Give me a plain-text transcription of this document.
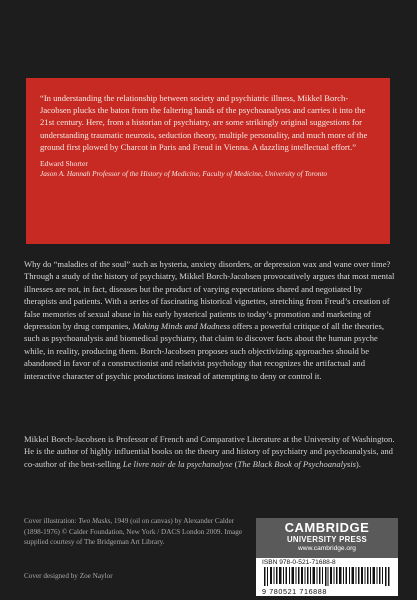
“In understanding the relationship between society and psychiatric illness, Mikkel Borch-Jacobsen plucks the baton from the faltering hands of the psychoanalysts and carries it into the 21st century. Here, from a historian of psychiatry, are some strikingly original suggestions for understanding traumatic neurosis, seduction theory, multiple personality, and much more of the ground first plowed by Charcot in Paris and Freud in Vienna. A dazzling intellectual effort.”

Edward Shorter
Jason A. Hannah Professor of the History of Medicine, Faculty of Medicine, University of Toronto

Why do “maladies of the soul” such as hysteria, anxiety disorders, or depression wax and wane over time? Through a study of the history of psychiatry, Mikkel Borch-Jacobsen provocatively argues that most mental illnesses are not, in fact, diseases but the product of varying expectations shared and negotiated by therapists and patients. With a series of fascinating historical vignettes, stretching from Freud’s creation of false memories of sexual abuse in his early hysterical patients to today’s promotion and marketing of depression by drug companies, Making Minds and Madness offers a powerful critique of all the theories, such as psychoanalysis and biomedical psychiatry, that claim to discover facts about the human psyche while, in reality, producing them. Borch-Jacobsen proposes such objectivizing approaches should be abandoned in favor of a constructionist and relativist psychology that recognizes the artifactual and interactive character of psychic productions instead of attempting to deny or control it.

Mikkel Borch-Jacobsen is Professor of French and Comparative Literature at the University of Washington. He is the author of highly influential books on the theory and history of psychiatry and psychoanalysis, and co-author of the best-selling Le livre noir de la psychanalyse (The Black Book of Psychoanalysis).

Cover illustration: Two Masks, 1949 (oil on canvas) by Alexander Calder (1898-1976) © Calder Foundation, New York / DACS London 2009. Image supplied courtesy of The Bridgeman Art Library.

Cover designed by Zoe Naylor
CAMBRIDGE
UNIVERSITY PRESS
www.cambridge.org
ISBN 978-0-521-71688-8
9 780521 716888
